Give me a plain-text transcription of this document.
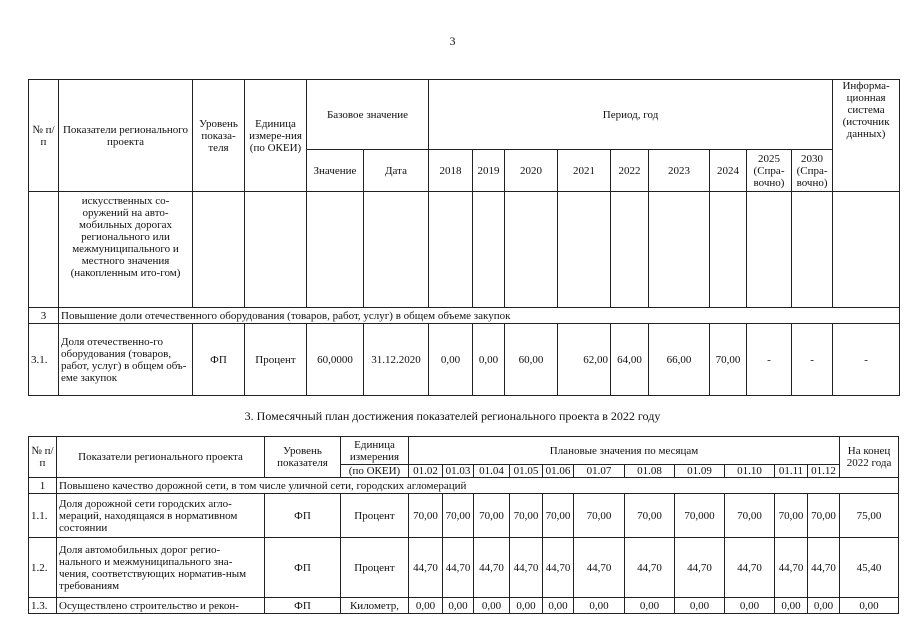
3
№ п/п	Показатели регионального проекта	Уровень показа-теля	Единица измере-ния (по ОКЕИ)	Базовое значение		Период, год									Информа-ционная система (источник данных)
				Значение	Дата	2018	2019	2020	2021	2022	2023	2024	2025 (Спра-вочно)	2030 (Спра-вочно)	
	искусственных со-оружений на авто-мобильных дорогах регионального или межмуниципального и местного значения (накопленным ито-гом)														
3	Повышение доли отечественного оборудования (товаров, работ, услуг) в общем объеме закупок														
3.1.	Доля отечественно-го оборудования (товаров, работ, услуг) в общем объ-еме закупок	ФП	Процент	60,0000	31.12.2020	0,00	0,00	60,00	62,00	64,00	66,00	70,00	-	-	-
3. Помесячный план достижения показателей регионального проекта в 2022 году
№ п/п	Показатели регионального проекта	Уровень показателя	Единица измерения	Плановые значения по месяцам											На конец 2022 года
			(по ОКЕИ)	01.02	01.03	01.04	01.05	01.06	01.07	01.08	01.09	01.10	01.11	01.12	
1	Повышено качество дорожной сети, в том числе уличной сети, городских агломераций														
1.1.	Доля дорожной сети городских агло-мераций, находящаяся в нормативном состоянии	ФП	Процент	70,00	70,00	70,00	70,00	70,00	70,00	70,00	70,000	70,00	70,00	70,00	75,00
1.2.	Доля автомобильных дорог регио-нального и межмуниципального зна-чения, соответствующих норматив-ным требованиям	ФП	Процент	44,70	44,70	44,70	44,70	44,70	44,70	44,70	44,70	44,70	44,70	44,70	45,40
1.3.	Осуществлено строительство и рекон-	ФП	Километр,	0,00	0,00	0,00	0,00	0,00	0,00	0,00	0,00	0,00	0,00	0,00	0,00
